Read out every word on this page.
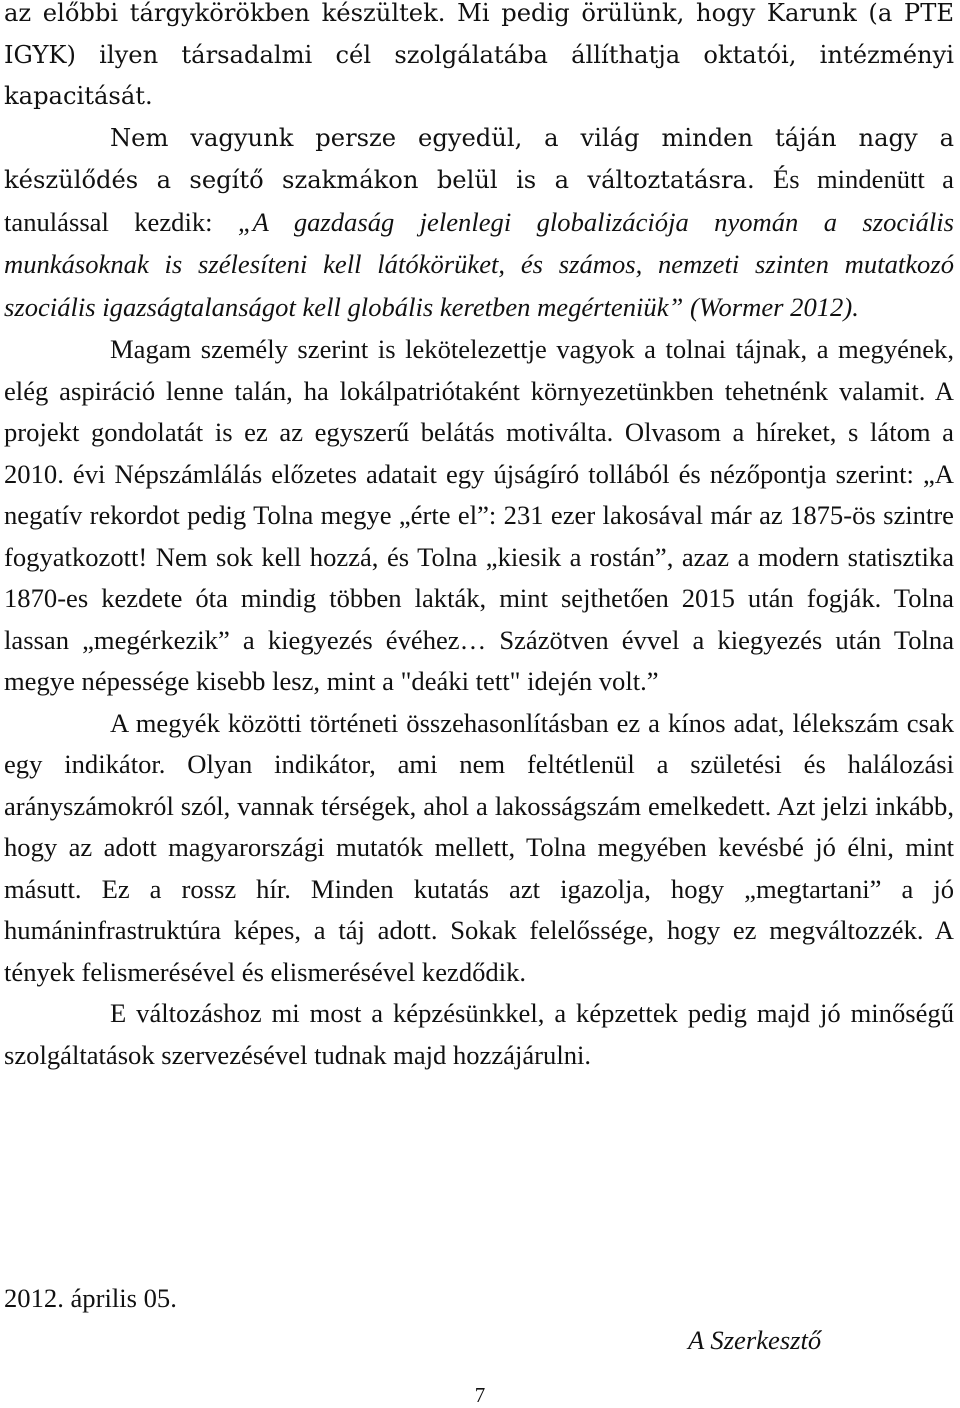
az előbbi tárgykörökben készültek. Mi pedig örülünk, hogy Karunk (a PTE IGYK) ilyen társadalmi cél szolgálatába állíthatja oktatói, intézményi kapacitását.

Nem vagyunk persze egyedül, a világ minden táján nagy a készülődés a segítő szakmákon belül is a változtatásra. És mindenütt a tanulással kezdik: „A gazdaság jelenlegi globalizációja nyomán a szociális munkásoknak is szélesíteni kell látókörüket, és számos, nemzeti szinten mutatkozó szociális igazságtalanságot kell globális keretben megérteniük” (Wormer 2012).

Magam személy szerint is lekötelezettje vagyok a tolnai tájnak, a megyének, elég aspiráció lenne talán, ha lokálpatriótaként környezetünkben tehetnénk valamit. A projekt gondolatát is ez az egyszerű belátás motiválta. Olvasom a híreket, s látom a 2010. évi Népszámlálás előzetes adatait egy újságíró tollából és nézőpontja szerint: „A negatív rekordot pedig Tolna megye „érte el”: 231 ezer lakosával már az 1875-ös szintre fogyatkozott! Nem sok kell hozzá, és Tolna „kiesik a rostán”, azaz a modern statisztika 1870-es kezdete óta mindig többen lakták, mint sejthetően 2015 után fogják. Tolna lassan „megérkezik” a kiegyezés évéhez… Százötven évvel a kiegyezés után Tolna megye népessége kisebb lesz, mint a "deáki tett" idején volt.”

A megyék közötti történeti összehasonlításban ez a kínos adat, lélekszám csak egy indikátor. Olyan indikátor, ami nem feltétlenül a születési és halálozási arányszámokról szól, vannak térségek, ahol a lakosságszám emelkedett. Azt jelzi inkább, hogy az adott magyarországi mutatók mellett, Tolna megyében kevésbé jó élni, mint másutt. Ez a rossz hír. Minden kutatás azt igazolja, hogy „megtartani” a jó humáninfrastruktúra képes, a táj adott. Sokak felelőssége, hogy ez megváltozzék. A tények felismerésével és elismerésével kezdődik.

E változáshoz mi most a képzésünkkel, a képzettek pedig majd jó minőségű szolgáltatások szervezésével tudnak majd hozzájárulni.

2012. április 05.
A Szerkesztő
7
